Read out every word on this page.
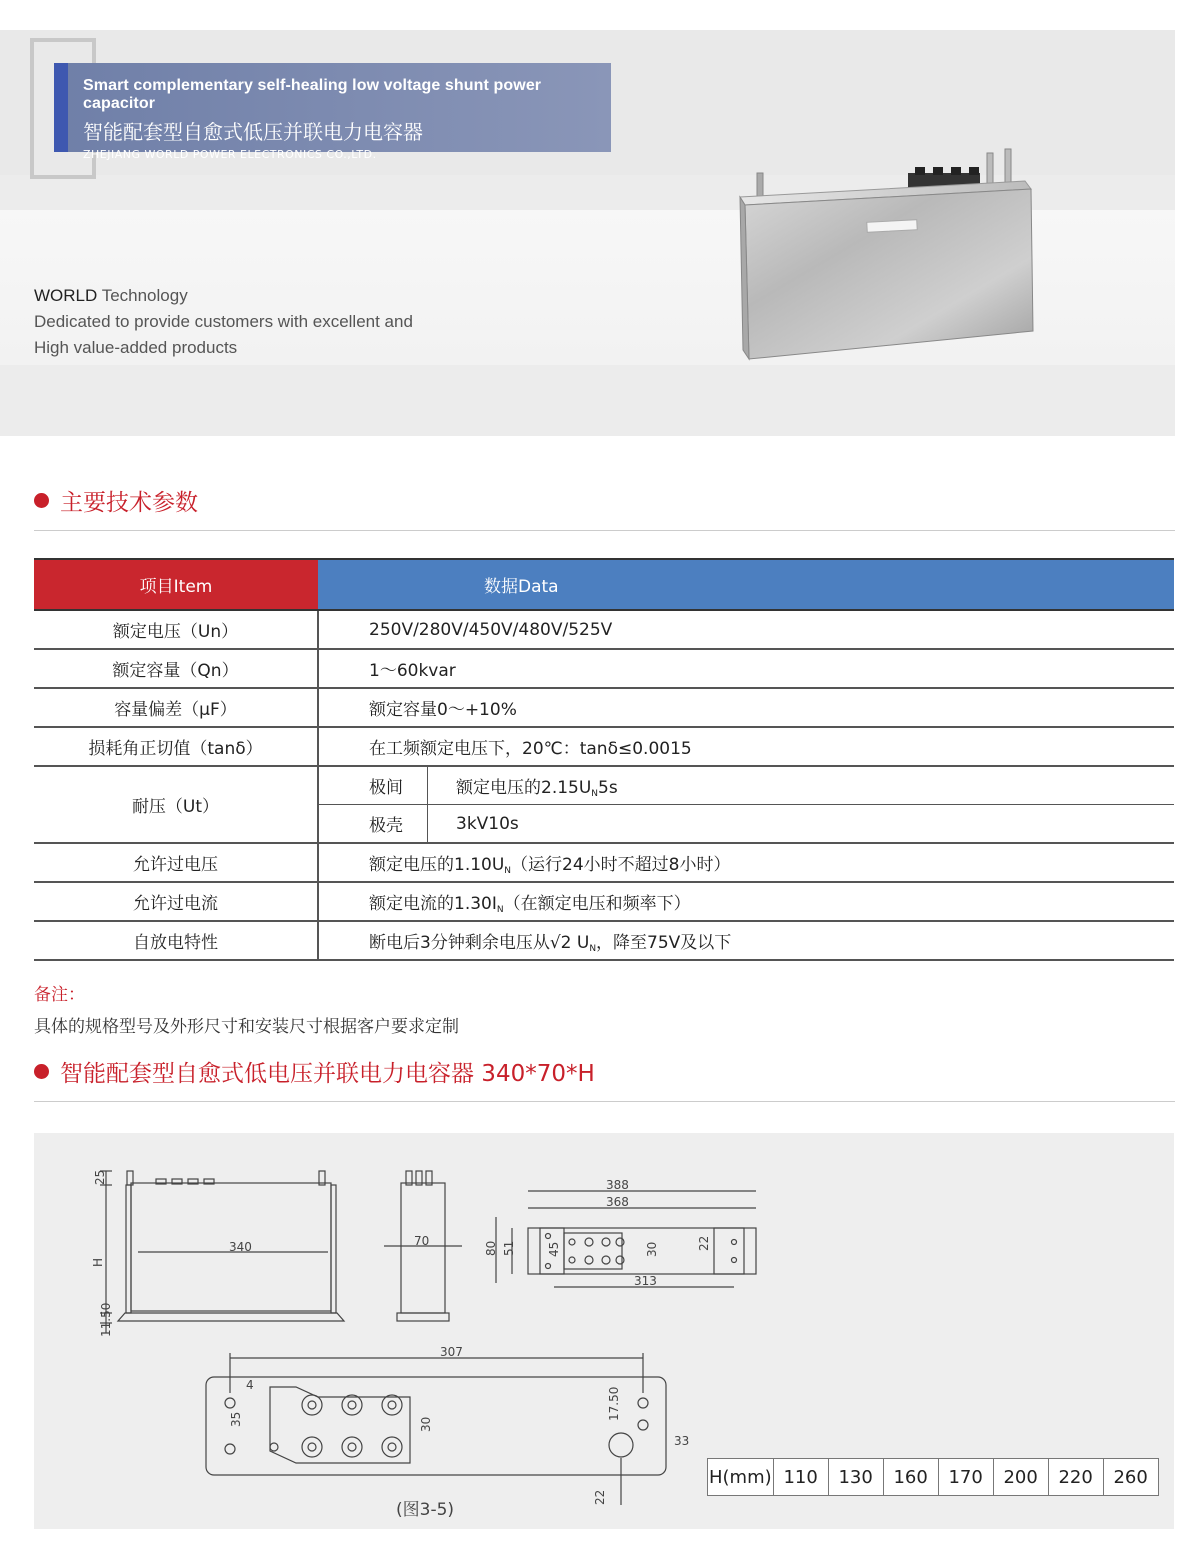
Smart complementary self-healing low voltage shunt power capacitor
智能配套型自愈式低压并联电力电容器
ZHEJIANG WORLD POWER ELECTRONICS CO.,LTD.
WORLD Technology
Dedicated to provide customers with excellent and
High value-added products
主要技术参数
项目Item	数据Data	
额定电压（Un）	250V/280V/450V/480V/525V	
额定容量（Qn）	1～60kvar	
容量偏差（μF）	额定容量0～+10%	
损耗角正切值（tanδ）	在工频额定电压下，20℃：tanδ≤0.0015	
耐压（Ut）	极间	额定电压的$2.15U_N5s$
	极壳	3kV10s
允许过电压	额定电压的$1.10U_N$（运行24小时不超过8小时）	
允许过电流	额定电流的$1.30I_N$（在额定电压和频率下）	
自放电特性	断电后3分钟剩余电压从√2 $U_N$，降至75V及以下	
备注：
具体的规格型号及外形尺寸和安装尺寸根据客户要求定制
智能配套型自愈式低电压并联电力电容器 340*70*H
340
25
H
11.50
70
388
368
313
80 51	45	30	22
307
4
35	30
17.50
33
22
(图3-5)
H(mm)	110	130	160	170	200	220	260
